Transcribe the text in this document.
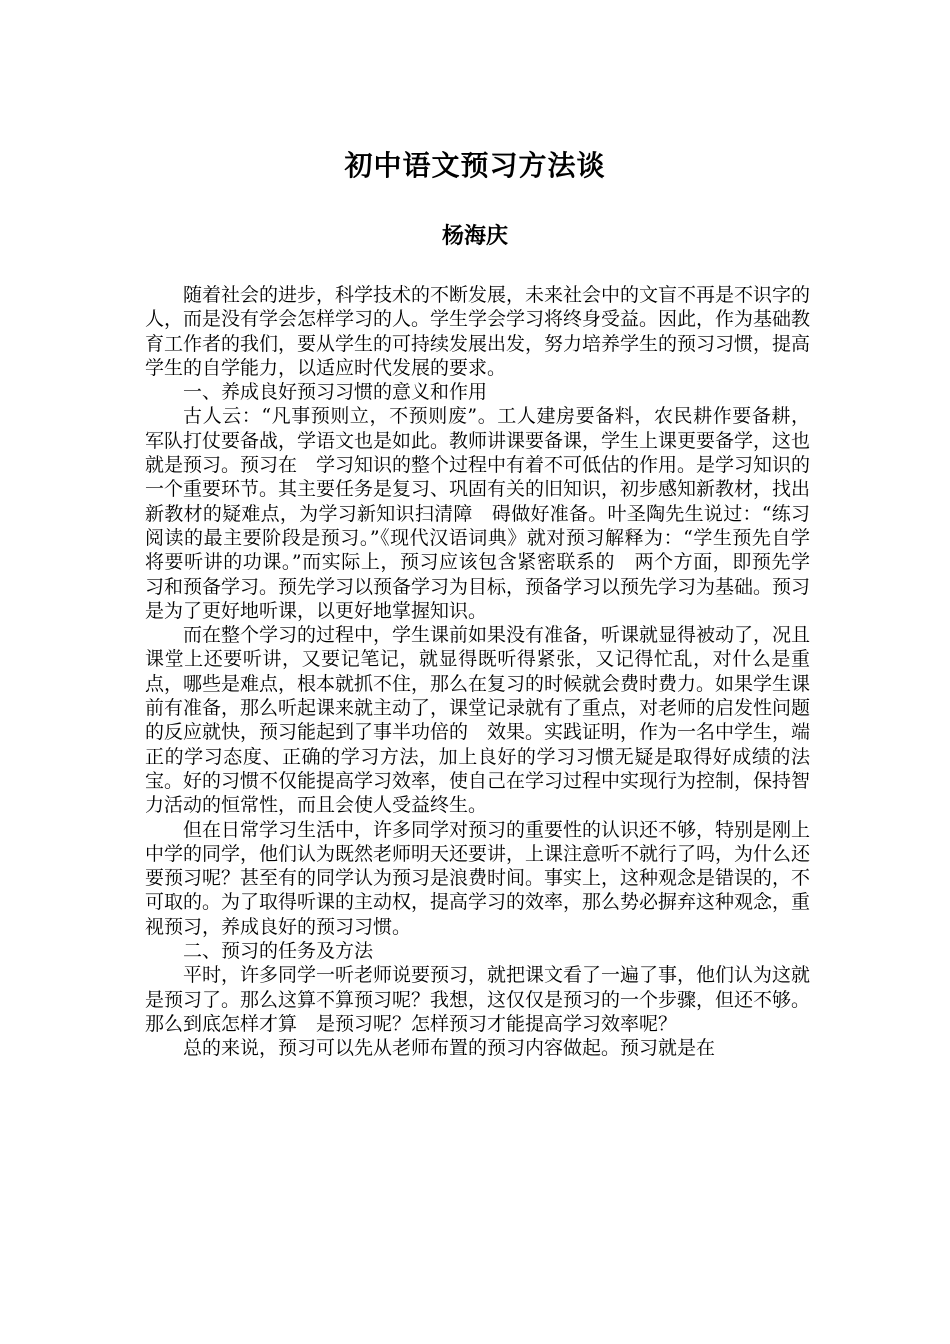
初中语文预习方法谈
杨海庆

随着社会的进步，科学技术的不断发展，未来社会中的文盲不再是不识字的人，而是没有学会怎样学习的人。学生学会学习将终身受益。因此，作为基础教育工作者的我们，要从学生的可持续发展出发，努力培养学生的预习习惯，提高学生的自学能力，以适应时代发展的要求。

一、养成良好预习习惯的意义和作用

古人云：“凡事预则立，不预则废”。工人建房要备料，农民耕作要备耕，军队打仗要备战，学语文也是如此。教师讲课要备课，学生上课更要备学，这也就是预习。预习在　学习知识的整个过程中有着不可低估的作用。是学习知识的一个重要环节。其主要任务是复习、巩固有关的旧知识，初步感知新教材，找出新教材的疑难点，为学习新知识扫清障　碍做好准备。叶圣陶先生说过：“练习阅读的最主要阶段是预习。”《现代汉语词典》就对预习解释为：“学生预先自学将要听讲的功课。”而实际上，预习应该包含紧密联系的　两个方面，即预先学习和预备学习。预先学习以预备学习为目标，预备学习以预先学习为基础。预习是为了更好地听课，以更好地掌握知识。

而在整个学习的过程中，学生课前如果没有准备，听课就显得被动了，况且课堂上还要听讲，又要记笔记，就显得既听得紧张，又记得忙乱，对什么是重点，哪些是难点，根本就抓不住，那么在复习的时候就会费时费力。如果学生课前有准备，那么听起课来就主动了，课堂记录就有了重点，对老师的启发性问题的反应就快，预习能起到了事半功倍的　效果。实践证明，作为一名中学生，端正的学习态度、正确的学习方法，加上良好的学习习惯无疑是取得好成绩的法宝。好的习惯不仅能提高学习效率，使自己在学习过程中实现行为控制，保持智力活动的恒常性，而且会使人受益终生。

但在日常学习生活中，许多同学对预习的重要性的认识还不够，特别是刚上中学的同学，他们认为既然老师明天还要讲，上课注意听不就行了吗，为什么还要预习呢？甚至有的同学认为预习是浪费时间。事实上，这种观念是错误的，不可取的。为了取得听课的主动权，提高学习的效率，那么势必摒弃这种观念，重视预习，养成良好的预习习惯。

二、预习的任务及方法

平时，许多同学一听老师说要预习，就把课文看了一遍了事，他们认为这就是预习了。那么这算不算预习呢？我想，这仅仅是预习的一个步骤，但还不够。那么到底怎样才算　是预习呢？怎样预习才能提高学习效率呢？

总的来说，预习可以先从老师布置的预习内容做起。预习就是在
